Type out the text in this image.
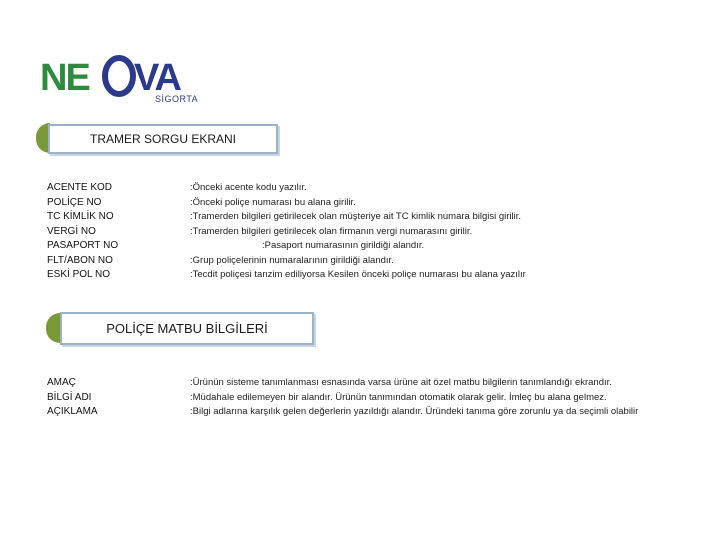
NE VA
SİGORTA
TRAMER SORGU EKRANI
ACENTE KOD
POLİÇE NO
TC KİMLİK NO
VERGİ NO
PASAPORT NO
FLT/ABON NO
ESKİ POL NO
:Önceki acente kodu yazılır.
:Önceki poliçe numarası bu alana girilir.
:Tramerden bilgileri getirilecek olan müşteriye ait TC kimlik numara bilgisi girilir.
:Tramerden bilgileri getirilecek olan firmanın vergi numarasını girilir.
:Pasaport numarasının girildiği alandır.
:Grup poliçelerinin numaralarının girildiği alandır.
:Tecdit poliçesi tanzim ediliyorsa Kesilen önceki poliçe numarası bu alana yazılır
POLİÇE MATBU BİLGİLERİ
AMAÇ
BİLGİ ADI
AÇIKLAMA
:Ürünün sisteme tanımlanması esnasında varsa ürüne ait özel matbu bilgilerin tanımlandığı ekrandır.
:Müdahale edilemeyen bir alandır. Ürünün tanımından otomatik olarak gelir. İmleç bu alana gelmez.
:Bilgi adlarına karşılık gelen değerlerin yazıldığı alandır. Üründeki tanıma göre zorunlu ya da seçimli olabilir
